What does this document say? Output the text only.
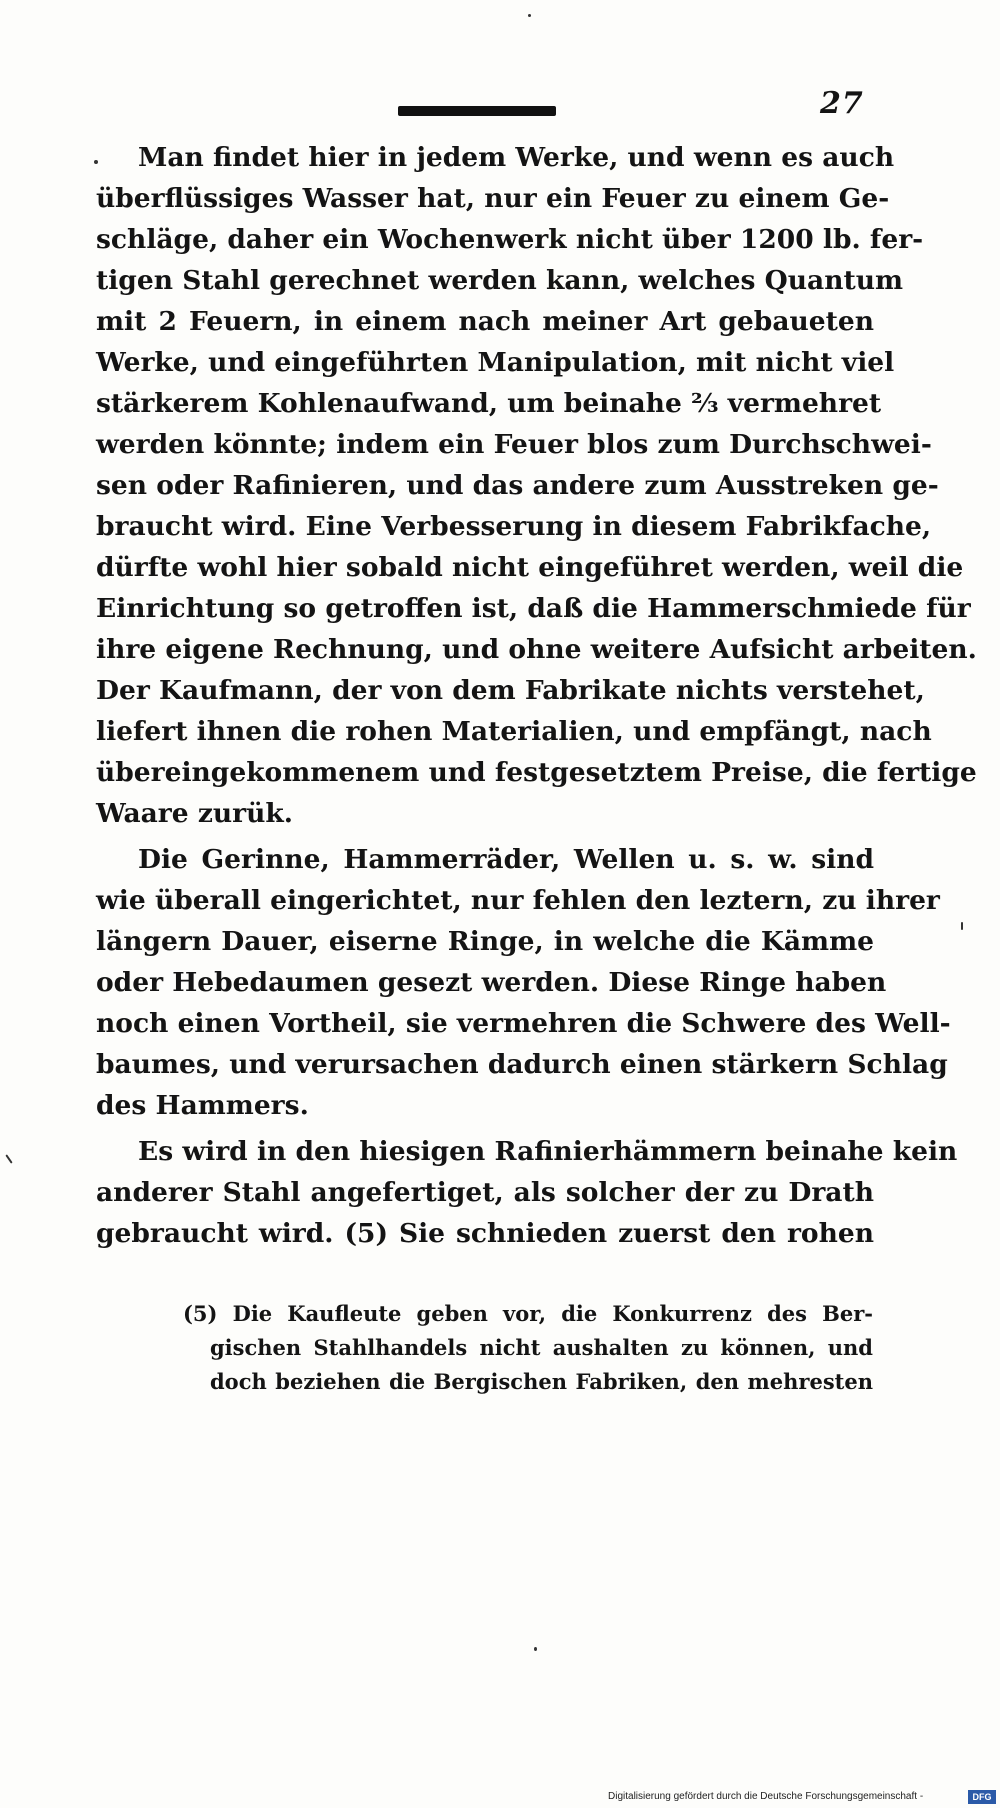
27
Man findet hier in jedem Werke, und wenn es auch
überflüssiges Wasser hat, nur ein Feuer zu einem Ge-
schläge, daher ein Wochenwerk nicht über 1200 lb. fer-
tigen Stahl gerechnet werden kann, welches Quantum
mit 2 Feuern, in einem nach meiner Art gebaueten
Werke, und eingeführten Manipulation, mit nicht viel
stärkerem Kohlenaufwand, um beinahe ⅔ vermehret
werden könnte; indem ein Feuer blos zum Durchschwei-
sen oder Rafinieren, und das andere zum Ausstreken ge-
braucht wird. Eine Verbesserung in diesem Fabrikfache,
dürfte wohl hier sobald nicht eingeführet werden, weil die
Einrichtung so getroffen ist, daß die Hammerschmiede für
ihre eigene Rechnung, und ohne weitere Aufsicht arbeiten.
Der Kaufmann, der von dem Fabrikate nichts verstehet,
liefert ihnen die rohen Materialien, und empfängt, nach
übereingekommenem und festgesetztem Preise, die fertige
Waare zurük.
Die Gerinne, Hammerräder, Wellen u. s. w. sind
wie überall eingerichtet, nur fehlen den leztern, zu ihrer
längern Dauer, eiserne Ringe, in welche die Kämme
oder Hebedaumen gesezt werden. Diese Ringe haben
noch einen Vortheil, sie vermehren die Schwere des Well-
baumes, und verursachen dadurch einen stärkern Schlag
des Hammers.
Es wird in den hiesigen Rafinierhämmern beinahe kein
anderer Stahl angefertiget, als solcher der zu Drath
gebraucht wird. (5) Sie schnieden zuerst den rohen
(5) Die Kaufleute geben vor, die Konkurrenz des Ber-
gischen Stahlhandels nicht aushalten zu können, und
doch beziehen die Bergischen Fabriken, den mehresten
Digitalisierung gefördert durch die Deutsche Forschungsgemeinschaft -	DFG
